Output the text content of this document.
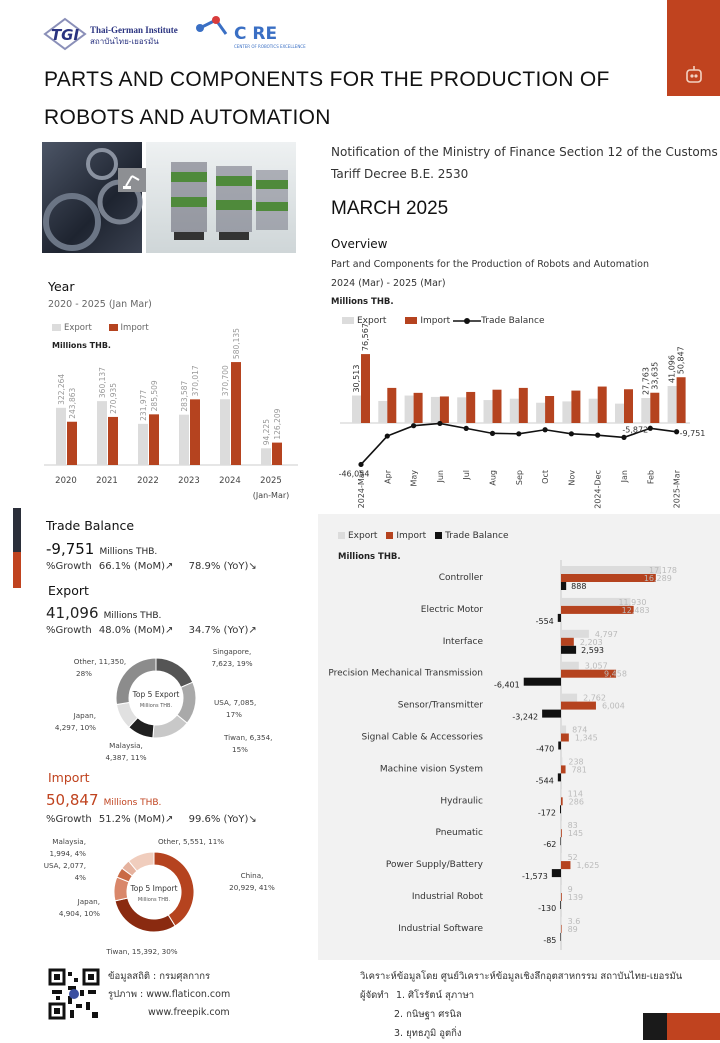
TGI Thai-German Institute
สถาบันไทย-เยอรมัน	C RE
CENTER OF ROBOTICS EXCELLENCE
PARTS AND COMPONENTS FOR THE PRODUCTION OF
ROBOTS AND AUTOMATION
Notification of the Ministry of Finance Section 12 of the Customs
Tariff Decree B.E. 2530
MARCH 2025
Overview
Part and Components for the Production of Robots and Automation
2024 (Mar) - 2025 (Mar)
Millions THB.
Export	Import	Trade Balance
2024-Mar Apr May Jun Jul Aug Sep Oct Nov 2024-Dec Jan Feb 2025-Mar
30,513
76,567
-46,054
27,763 33,635
-5,872
41,096 50,847
-9,751
Year
2020 - 2025 (Jan Mar)
Export	Import
Millions THB.
322,264 243,863
2020
360,137
270,935
2021
231,977 285,509
2022
283,587 370,017
2023
370,700
580,135
2024
94,225 126,209
2025
(Jan-Mar)
Trade Balance
-9,751 Millions THB.
%Growth 66.1% (MoM)↗ 78.9% (YoY)↘
Export
41,096 Millions THB.
%Growth 48.0% (MoM)↗ 34.7% (YoY)↗
Top 5 Export
Millions THB.
Singapore,
7,623, 19%
USA, 7,085,
17%
Tiwan, 6,354,
15%
Malaysia,
4,387, 11%
Japan,
4,297, 10%
Other, 11,350,
28%
Import
50,847 Millions THB.
%Growth 51.2% (MoM)↗ 99.6% (YoY)↘
Top 5 Import
Millions THB.
China,
20,929, 41%
Tiwan, 15,392, 30%
Japan,
4,904, 10%
USA, 2,077,
4%
Malaysia,
1,994, 4%
Other, 5,551, 11%
Export Import Trade Balance
Millions THB.
Controller
17,178
16,289
888
Electric Motor
11,930
12,483
-554
Interface
4,797
2,203
2,593
Precision Mechanical Transmission
3,057
9,458
-6,401
Sensor/Transmitter
2,762
6,004
-3,242
Signal Cable & Accessories
874
1,345
-470
Machine vision System
238
781
-544
Hydraulic
114
286
-172
Pneumatic
83
145
-62
Power Supply/Battery
52
1,625
-1,573
Industrial Robot
9
139
-130
Industrial Software
3.6
89
-85
ข้อมูลสถิติ : กรมศุลกากร
รูปภาพ : www.flaticon.com
www.freepik.com
วิเคราะห์ข้อมูลโดย ศูนย์วิเคราะห์ข้อมูลเชิงลึกอุตสาหกรรม สถาบันไทย-เยอรมัน
ผู้จัดทำ 1. ศิโรรัตน์ สุภาษา
2. กนิษฐา ศรนิล
3. ยุทธภูมิ อูตกิ่ง
